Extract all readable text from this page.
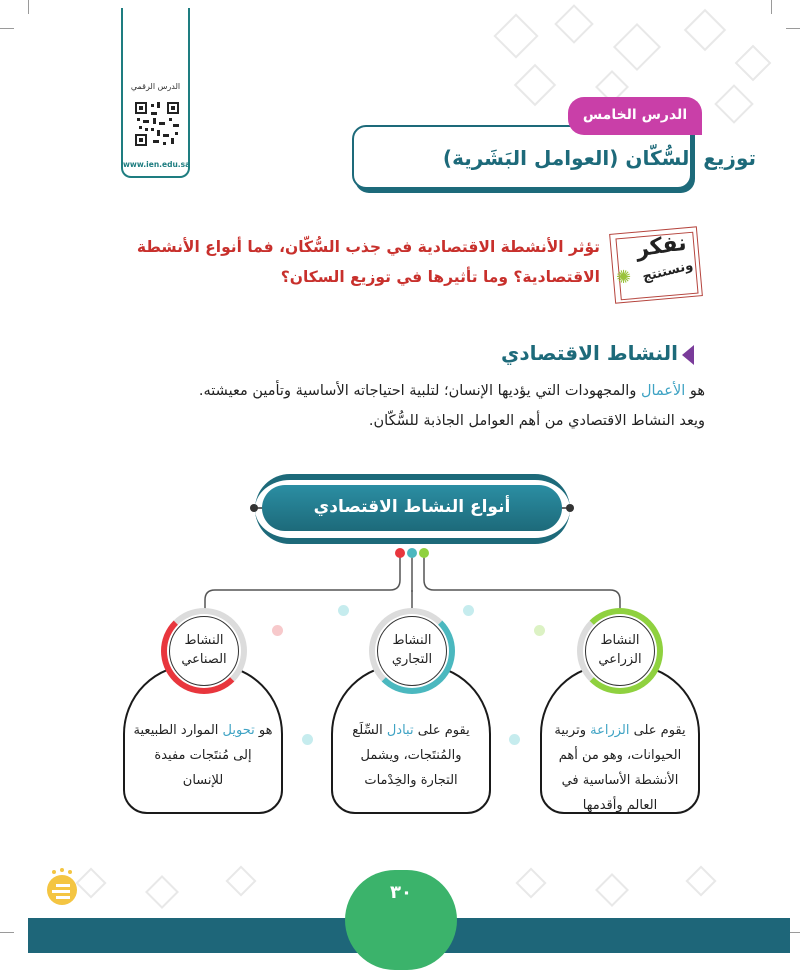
الدرس الرقمي
www.ien.edu.sa
الدرس الخامس
توزيع السُّكّان (العوامل البَشَرية)
نفكر
ونستنتج
✺
تؤثر الأنشطة الاقتصادية في جذب السُّكّان، فما أنواع الأنشطة
الاقتصادية؟ وما تأثيرها في توزيع السكان؟
النشاط الاقتصادي
هو الأعمال والمجهودات التي يؤديها الإنسان؛ لتلبية احتياجاته الأساسية وتأمين معيشته.
ويعد النشاط الاقتصادي من أهم العوامل الجاذبة للسُّكّان.
أنواع النشاط الاقتصادي
يقوم على الزراعة وتربية الحيوانات، وهو من أهم الأنشطة الأساسية في العالم وأقدمها
يقوم على تبادل السِّلَع والمُنتَجات، ويشمل التجارة والخِدْمات
هو تحويل الموارد الطبيعية إلى مُنتَجات مفيدة للإنسان
النشاط
الزراعي
النشاط
التجاري
النشاط
الصناعي
٣٠
